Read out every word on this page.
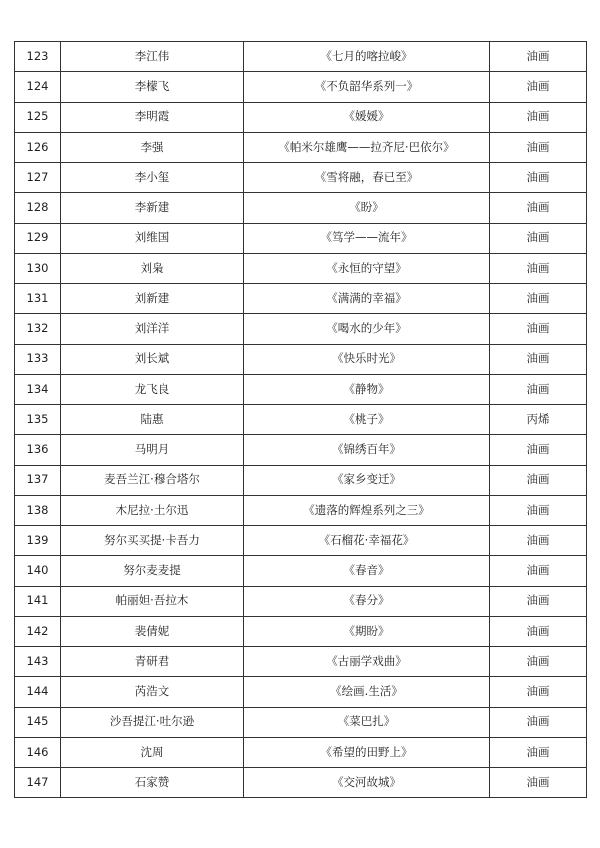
123	李江伟	《七月的喀拉峻》	油画
124	李檬飞	《不负韶华系列一》	油画
125	李明霞	《媛媛》	油画
126	李强	《帕米尔雄鹰——拉齐尼·巴依尔》	油画
127	李小玺	《雪将融，春已至》	油画
128	李新建	《盼》	油画
129	刘维国	《笃学——流年》	油画
130	刘枭	《永恒的守望》	油画
131	刘新建	《满满的幸福》	油画
132	刘洋洋	《喝水的少年》	油画
133	刘长斌	《快乐时光》	油画
134	龙飞良	《静物》	油画
135	陆惠	《桃子》	丙烯
136	马明月	《锦绣百年》	油画
137	麦吾兰江·穆合塔尔	《家乡变迁》	油画
138	木尼拉·土尔迅	《遗落的辉煌系列之三》	油画
139	努尔买买提·卡吾力	《石榴花·幸福花》	油画
140	努尔麦麦提	《春音》	油画
141	帕丽妲·吾拉木	《春分》	油画
142	裴倩妮	《期盼》	油画
143	青研君	《古丽学戏曲》	油画
144	芮浩文	《绘画.生活》	油画
145	沙吾提江·吐尔逊	《菜巴扎》	油画
146	沈周	《希望的田野上》	油画
147	石家赞	《交河故城》	油画
